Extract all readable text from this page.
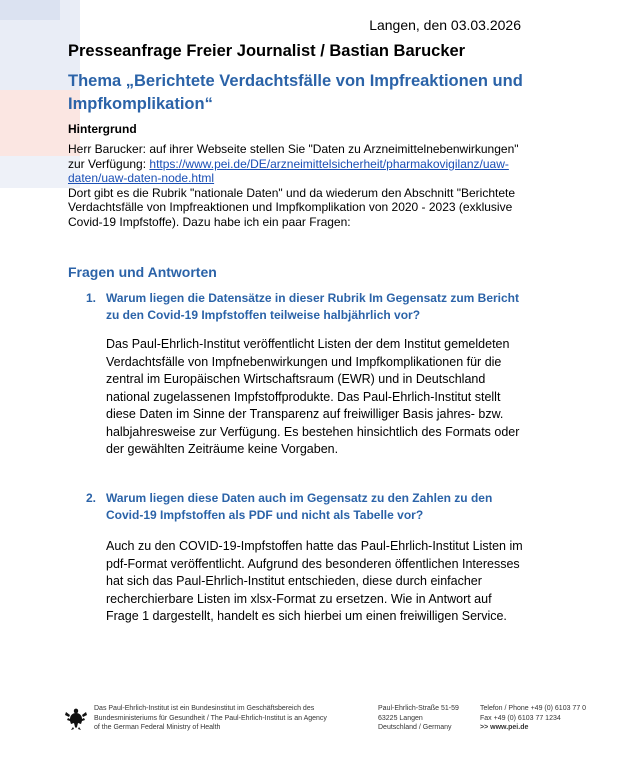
Langen, den 03.03.2026
Presseanfrage Freier Journalist / Bastian Barucker
Thema „Berichtete Verdachtsfälle von Impfreaktionen und Impfkomplikation“
Hintergrund
Herr Barucker: auf ihrer Webseite stellen Sie "Daten zu Arzneimittelnebenwirkungen" zur Verfügung: https://www.pei.de/DE/arzneimittelsicherheit/pharmakovigilanz/uaw-daten/uaw-daten-node.html
Dort gibt es die Rubrik "nationale Daten" und da wiederum den Abschnitt "Berichtete Verdachtsfälle von Impfreaktionen und Impfkomplikation von 2020 - 2023 (exklusive Covid-19 Impfstoffe). Dazu habe ich ein paar Fragen:
Fragen und Antworten
1. Warum liegen die Datensätze in dieser Rubrik Im Gegensatz zum Bericht zu den Covid-19 Impfstoffen teilweise halbjährlich vor?
Das Paul-Ehrlich-Institut veröffentlicht Listen der dem Institut gemeldeten Verdachtsfälle von Impfnebenwirkungen und Impfkomplikationen für die zentral im Europäischen Wirtschaftsraum (EWR) und in Deutschland national zugelassenen Impfstoffprodukte. Das Paul-Ehrlich-Institut stellt diese Daten im Sinne der Transparenz auf freiwilliger Basis jahres- bzw. halbjahresweise zur Verfügung. Es bestehen hinsichtlich des Formats oder der gewählten Zeiträume keine Vorgaben.
2. Warum liegen diese Daten auch im Gegensatz zu den Zahlen zu den Covid-19 Impfstoffen als PDF und nicht als Tabelle vor?
Auch zu den COVID-19-Impfstoffen hatte das Paul-Ehrlich-Institut Listen im pdf-Format veröffentlicht. Aufgrund des besonderen öffentlichen Interesses hat sich das Paul-Ehrlich-Institut entschieden, diese durch einfacher recherchierbare Listen im xlsx-Format zu ersetzen. Wie in Antwort auf Frage 1 dargestellt, handelt es sich hierbei um einen freiwilligen Service.
Das Paul-Ehrlich-Institut ist ein Bundesinstitut im Geschäftsbereich des
Bundesministeriums für Gesundheit / The Paul-Ehrlich-Institut is an Agency
of the German Federal Ministry of Health
Paul-Ehrlich-Straße 51-59
63225 Langen
Deutschland / Germany
Telefon / Phone +49 (0) 6103 77 0
Fax +49 (0) 6103 77 1234
>> www.pei.de
